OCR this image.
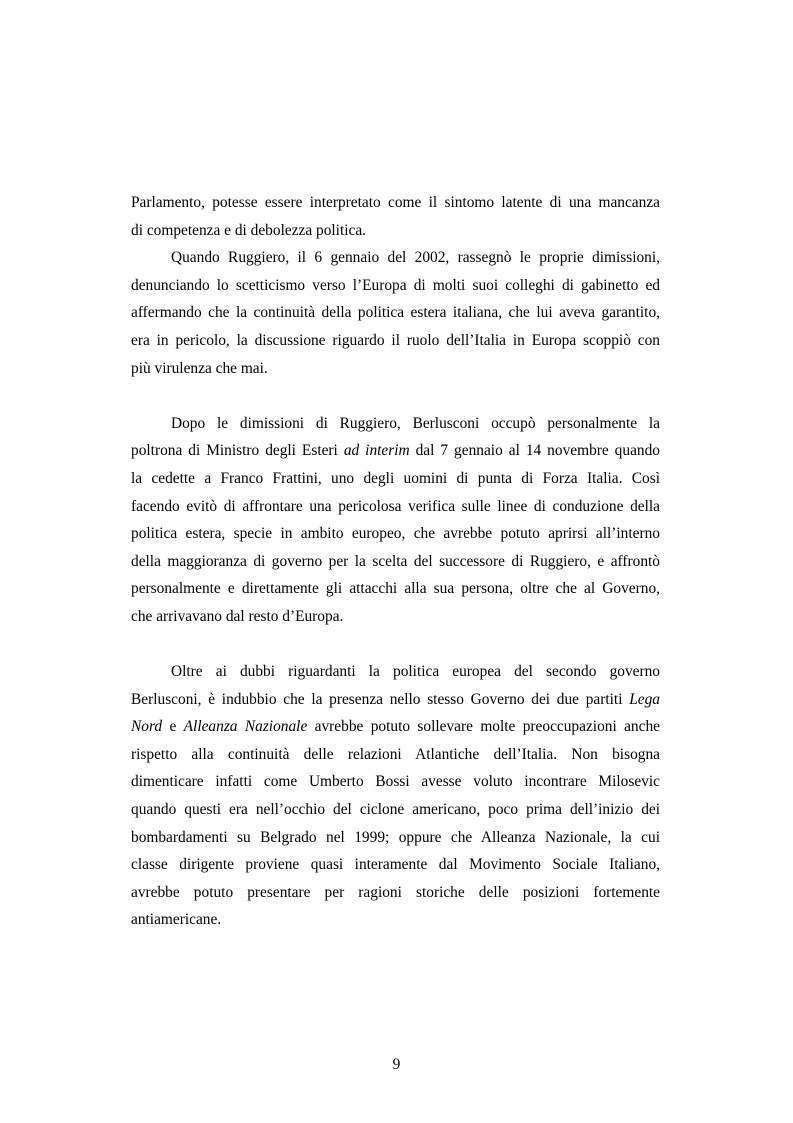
Parlamento, potesse essere interpretato come il sintomo latente di una mancanza
di competenza e di debolezza politica.
Quando Ruggiero, il 6 gennaio del 2002, rassegnò le proprie dimissioni,
denunciando lo scetticismo verso l’Europa di molti suoi colleghi di gabinetto ed
affermando che la continuità della politica estera italiana, che lui aveva garantito,
era in pericolo, la discussione riguardo il ruolo dell’Italia in Europa scoppiò con
più virulenza che mai.
Dopo le dimissioni di Ruggiero, Berlusconi occupò personalmente la
poltrona di Ministro degli Esteri ad interim dal 7 gennaio al 14 novembre quando
la cedette a Franco Frattini, uno degli uomini di punta di Forza Italia. Così
facendo evitò di affrontare una pericolosa verifica sulle linee di conduzione della
politica estera, specie in ambito europeo, che avrebbe potuto aprirsi all’interno
della maggioranza di governo per la scelta del successore di Ruggiero, e affrontò
personalmente e direttamente gli attacchi alla sua persona, oltre che al Governo,
che arrivavano dal resto d’Europa.
Oltre ai dubbi riguardanti la politica europea del secondo governo
Berlusconi, è indubbio che la presenza nello stesso Governo dei due partiti Lega
Nord e Alleanza Nazionale avrebbe potuto sollevare molte preoccupazioni anche
rispetto alla continuità delle relazioni Atlantiche dell’Italia. Non bisogna
dimenticare infatti come Umberto Bossi avesse voluto incontrare Milosevic
quando questi era nell’occhio del ciclone americano, poco prima dell’inizio dei
bombardamenti su Belgrado nel 1999; oppure che Alleanza Nazionale, la cui
classe dirigente proviene quasi interamente dal Movimento Sociale Italiano,
avrebbe potuto presentare per ragioni storiche delle posizioni fortemente
antiamericane.
9
